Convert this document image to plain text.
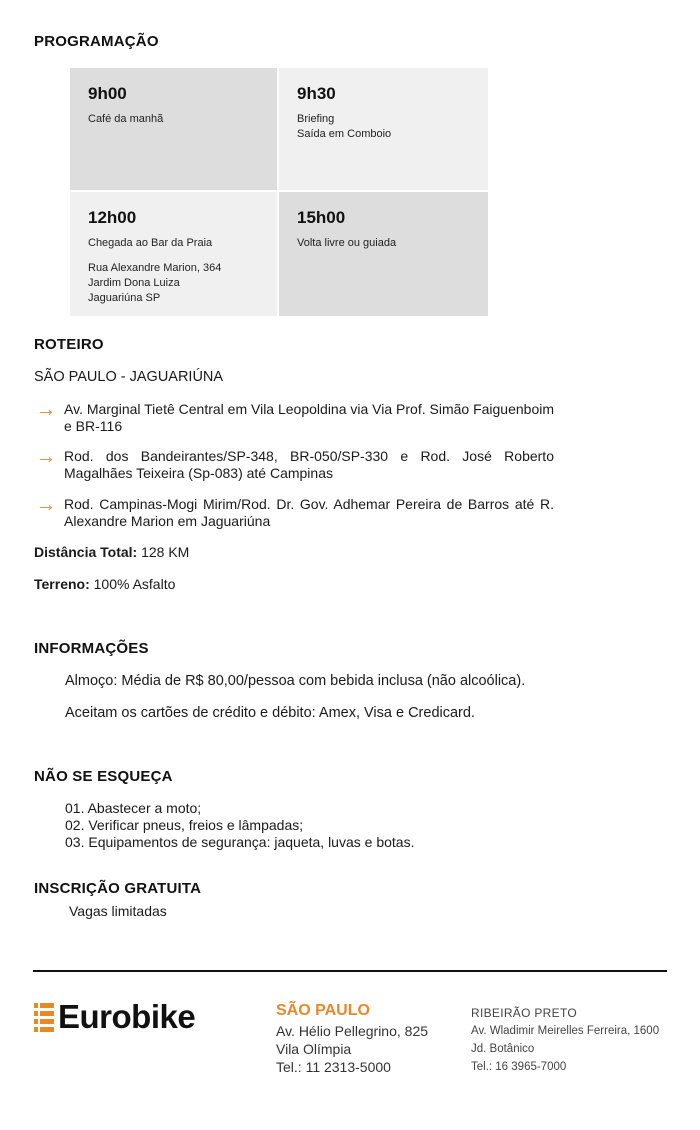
PROGRAMAÇÃO
9h00
Café da manhã
9h30
Briefing
Saída em Comboio
12h00
Chegada ao Bar da Praia
Rua Alexandre Marion, 364
Jardim Dona Luiza
Jaguariúna SP
15h00
Volta livre ou guiada
ROTEIRO
SÃO PAULO - JAGUARIÚNA
→ Av. Marginal Tietê Central em Vila Leopoldina via Via Prof. Simão Faiguenboim e BR-116
→ Rod. dos Bandeirantes/SP-348, BR-050/SP-330 e Rod. José Roberto Magalhães Teixeira (Sp-083) até Campinas
→ Rod. Campinas-Mogi Mirim/Rod. Dr. Gov. Adhemar Pereira de Barros até R. Alexandre Marion em Jaguariúna
Distância Total: 128 KM
Terreno: 100% Asfalto
INFORMAÇÕES
Almoço: Média de R$ 80,00/pessoa com bebida inclusa (não alcoólica).
Aceitam os cartões de crédito e débito: Amex, Visa e Credicard.
NÃO SE ESQUEÇA
01. Abastecer a moto;
02. Verificar pneus, freios e lâmpadas;
03. Equipamentos de segurança: jaqueta, luvas e botas.
INSCRIÇÃO GRATUITA
Vagas limitadas
Eurobike	SÃO PAULO
Av. Hélio Pellegrino, 825
Vila Olímpia
Tel.: 11 2313-5000
RIBEIRÃO PRETO
Av. Wladimir Meirelles Ferreira, 1600
Jd. Botânico
Tel.: 16 3965-7000
